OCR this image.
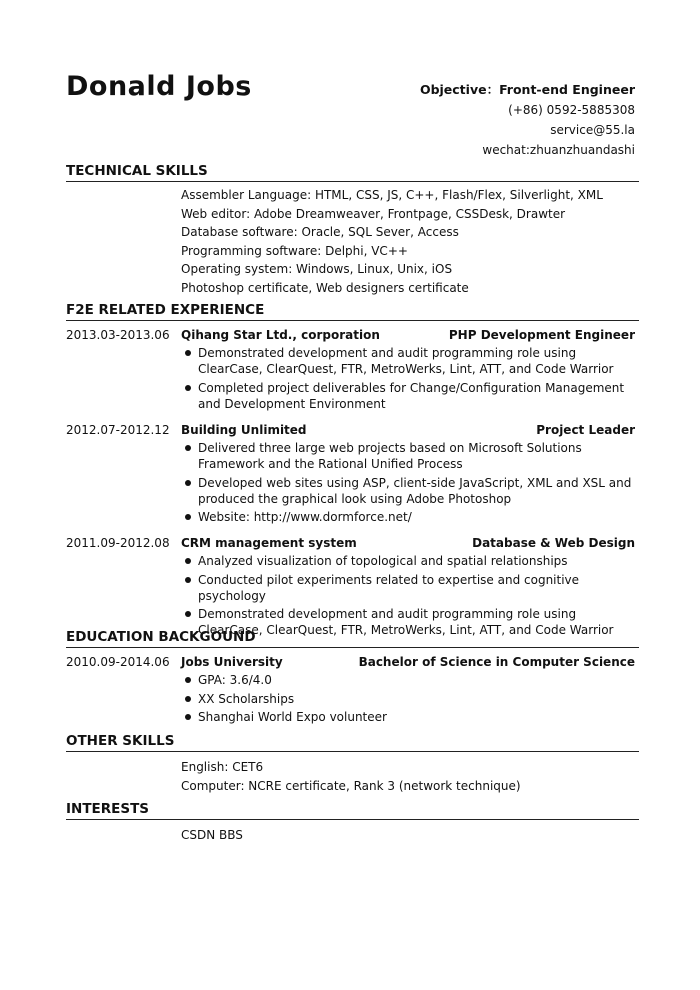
Donald Jobs	Objective：Front-end Engineer
(+86) 0592-5885308
service@55.la
wechat:zhuanzhuandashi
TECHNICAL SKILLS
Assembler Language: HTML, CSS, JS, C++, Flash/Flex, Silverlight, XML
Web editor: Adobe Dreamweaver, Frontpage, CSSDesk, Drawter
Database software: Oracle, SQL Sever, Access
Programming software: Delphi, VC++
Operating system: Windows, Linux, Unix, iOS
Photoshop certificate, Web designers certificate
F2E RELATED EXPERIENCE
2013.03-2013.06 Qihang Star Ltd., corporation	PHP Development Engineer
Demonstrated development and audit programming role using ClearCase, ClearQuest, FTR, MetroWerks, Lint, ATT, and Code Warrior
Completed project deliverables for Change/Configuration Management and Development Environment
2012.07-2012.12 Building Unlimited	Project Leader
Delivered three large web projects based on Microsoft Solutions Framework and the Rational Unified Process
Developed web sites using ASP, client-side JavaScript, XML and XSL and produced the graphical look using Adobe Photoshop
Website: http://www.dormforce.net/
2011.09-2012.08 CRM management system	Database & Web Design
Analyzed visualization of topological and spatial relationships
Conducted pilot experiments related to expertise and cognitive psychology
Demonstrated development and audit programming role using ClearCase, ClearQuest, FTR, MetroWerks, Lint, ATT, and Code Warrior
EDUCATION BACKGOUND
2010.09-2014.06 Jobs University	Bachelor of Science in Computer Science
GPA: 3.6/4.0
XX Scholarships
Shanghai World Expo volunteer
OTHER SKILLS
English: CET6
Computer: NCRE certificate, Rank 3 (network technique)
INTERESTS
CSDN BBS
